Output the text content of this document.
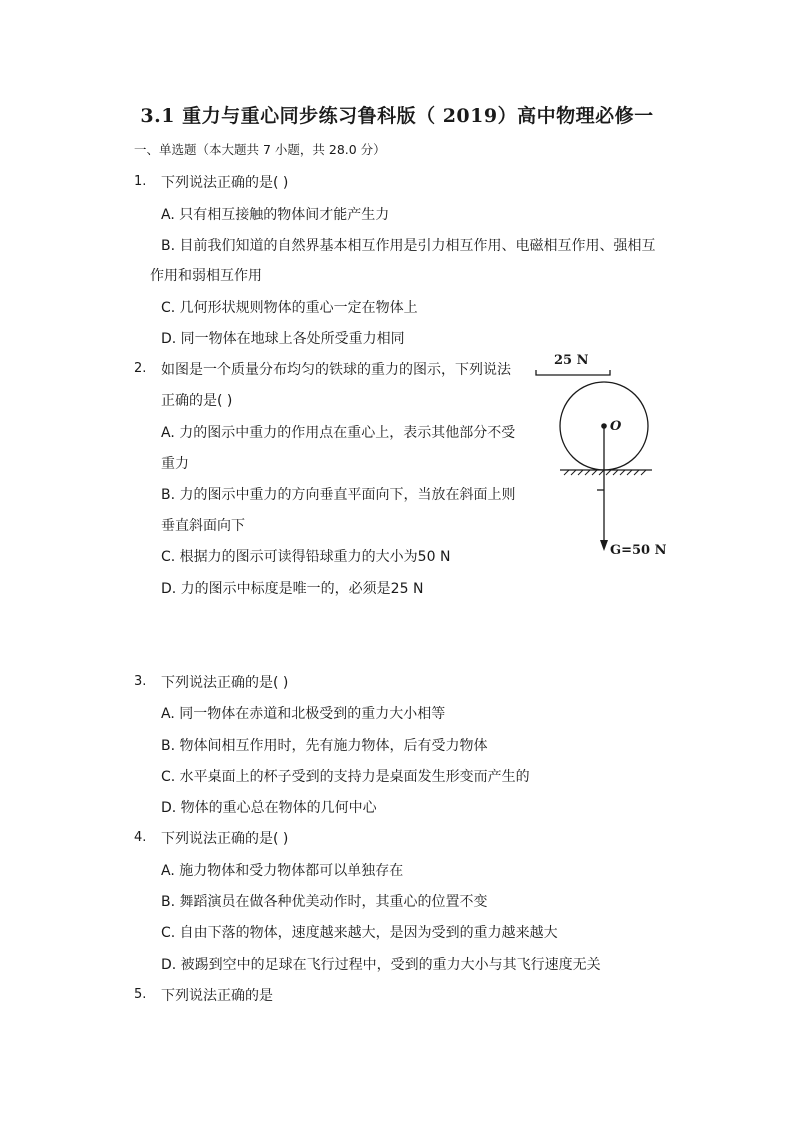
3.1 重力与重心同步练习鲁科版（ 2019）高中物理必修一
一、单选题（本大题共 7 小题，共 28.0 分）
1. 下列说法正确的是( )
A. 只有相互接触的物体间才能产生力
B. 目前我们知道的自然界基本相互作用是引力相互作用、电磁相互作用、强相互
作用和弱相互作用
C. 几何形状规则物体的重心一定在物体上
D. 同一物体在地球上各处所受重力相同
2. 如图是一个质量分布均匀的铁球的重力的图示，下列说法
正确的是( )
A. 力的图示中重力的作用点在重心上，表示其他部分不受
重力
B. 力的图示中重力的方向垂直平面向下，当放在斜面上则
垂直斜面向下
C. 根据力的图示可读得铅球重力的大小为50 N
D. 力的图示中标度是唯一的，必须是25 N
25 N
O
G=50 N
3. 下列说法正确的是( )
A. 同一物体在赤道和北极受到的重力大小相等
B. 物体间相互作用时，先有施力物体，后有受力物体
C. 水平桌面上的杯子受到的支持力是桌面发生形变而产生的
D. 物体的重心总在物体的几何中心
4. 下列说法正确的是( )
A. 施力物体和受力物体都可以单独存在
B. 舞蹈演员在做各种优美动作时，其重心的位置不变
C. 自由下落的物体，速度越来越大，是因为受到的重力越来越大
D. 被踢到空中的足球在飞行过程中，受到的重力大小与其飞行速度无关
5. 下列说法正确的是
